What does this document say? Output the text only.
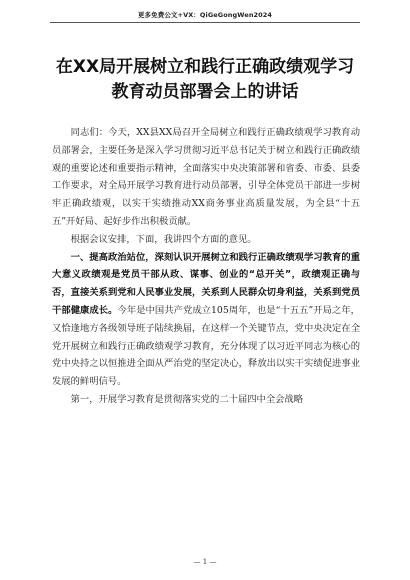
更多免费公文+VX：QiGeGongWen2024
在XX局开展树立和践行正确政绩观学习
教育动员部署会上的讲话

同志们：今天，XX县XX局召开全局树立和践行正确政绩观学习教育动员部署会，主要任务是深入学习贯彻习近平总书记关于树立和践行正确政绩观的重要论述和重要指示精神，全面落实中央决策部署和省委、市委、县委工作要求，对全局开展学习教育进行动员部署，引导全体党员干部进一步树牢正确政绩观，以实干实绩推动XX商务事业高质量发展，为全县“十五五”开好局、起好步作出积极贡献。

根据会议安排，下面，我讲四个方面的意见。

一、提高政治站位，深刻认识开展树立和践行正确政绩观学习教育的重大意义政绩观是党员干部从政、谋事、创业的“总开关”，政绩观正确与否，直接关系到党和人民事业发展，关系到人民群众切身利益，关系到党员干部健康成长。今年是中国共产党成立105周年，也是“十五五”开局之年，又恰逢地方各级领导班子陆续换届，在这样一个关键节点，党中央决定在全党开展树立和践行正确政绩观学习教育，充分体现了以习近平同志为核心的党中央持之以恒推进全面从严治党的坚定决心，释放出以实干实绩促进事业发展的鲜明信号。

第一，开展学习教育是贯彻落实党的二十届四中全会战略

— 1 —
